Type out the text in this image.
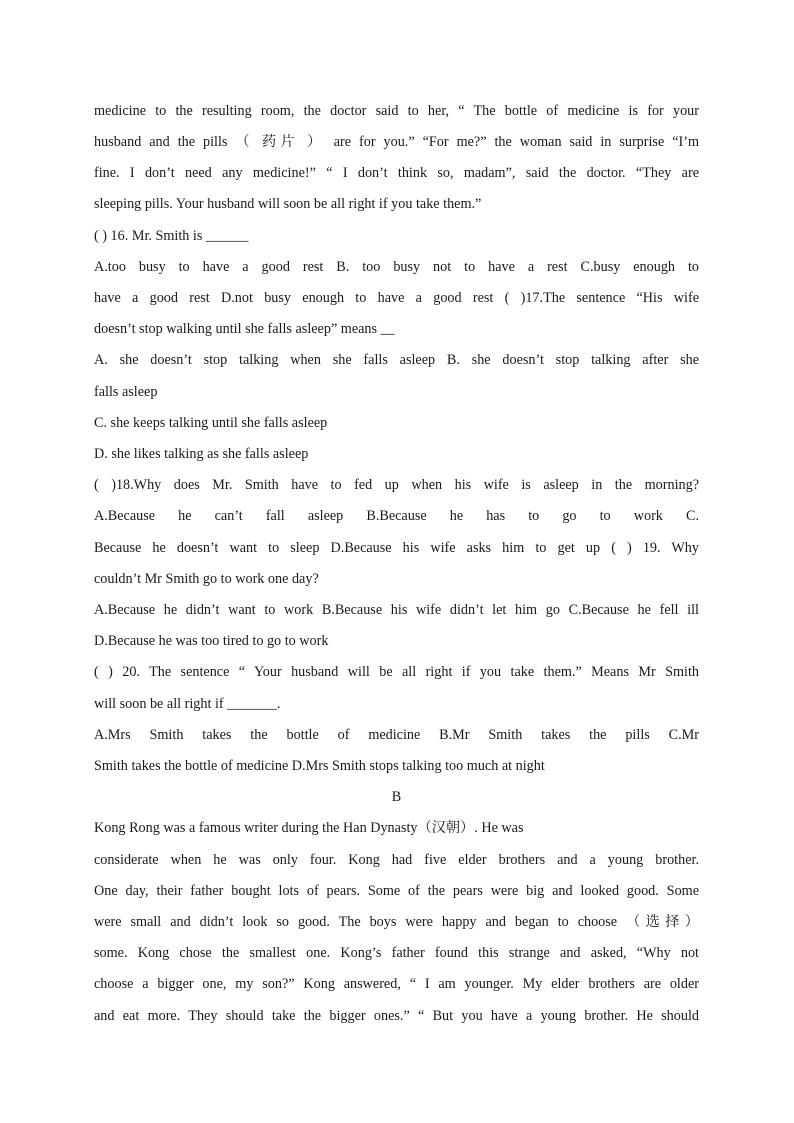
medicine to the resulting room, the doctor said to her, “ The bottle of medicine is for your
husband and the pills （ 药片 ） are for you.” “For me?” the woman said in surprise “I’m
fine. I don’t need any medicine!” “ I don’t think so, madam”, said the doctor. “They are
sleeping pills. Your husband will soon be all right if you take them.”
( ) 16. Mr. Smith is ______
A.too busy to have a good rest B. too busy not to have a rest C.busy enough to
have a good rest D.not busy enough to have a good rest ( )17.The sentence “His wife
doesn’t stop walking until she falls asleep” means __
A. she doesn’t stop talking when she falls asleep B. she doesn’t stop talking after she
falls asleep
C. she keeps talking until she falls asleep
D. she likes talking as she falls asleep
( )18.Why does Mr. Smith have to fed up when his wife is asleep in the morning?
A.Because he can’t fall asleep B.Because he has to go to work C.
Because he doesn’t want to sleep D.Because his wife asks him to get up ( ) 19. Why
couldn’t Mr Smith go to work one day?
A.Because he didn’t want to work B.Because his wife didn’t let him go C.Because he fell ill
D.Because he was too tired to go to work
( ) 20. The sentence “ Your husband will be all right if you take them.” Means Mr Smith
will soon be all right if _______.
A.Mrs Smith takes the bottle of medicine B.Mr Smith takes the pills C.Mr
Smith takes the bottle of medicine D.Mrs Smith stops talking too much at night
B
Kong Rong was a famous writer during the Han Dynasty（汉朝）. He was
considerate when he was only four. Kong had five elder brothers and a young brother.
One day, their father bought lots of pears. Some of the pears were big and looked good. Some
were small and didn’t look so good. The boys were happy and began to choose （选择）
some. Kong chose the smallest one. Kong’s father found this strange and asked, “Why not
choose a bigger one, my son?” Kong answered, “ I am younger. My elder brothers are older
and eat more. They should take the bigger ones.” “ But you have a young brother. He should
